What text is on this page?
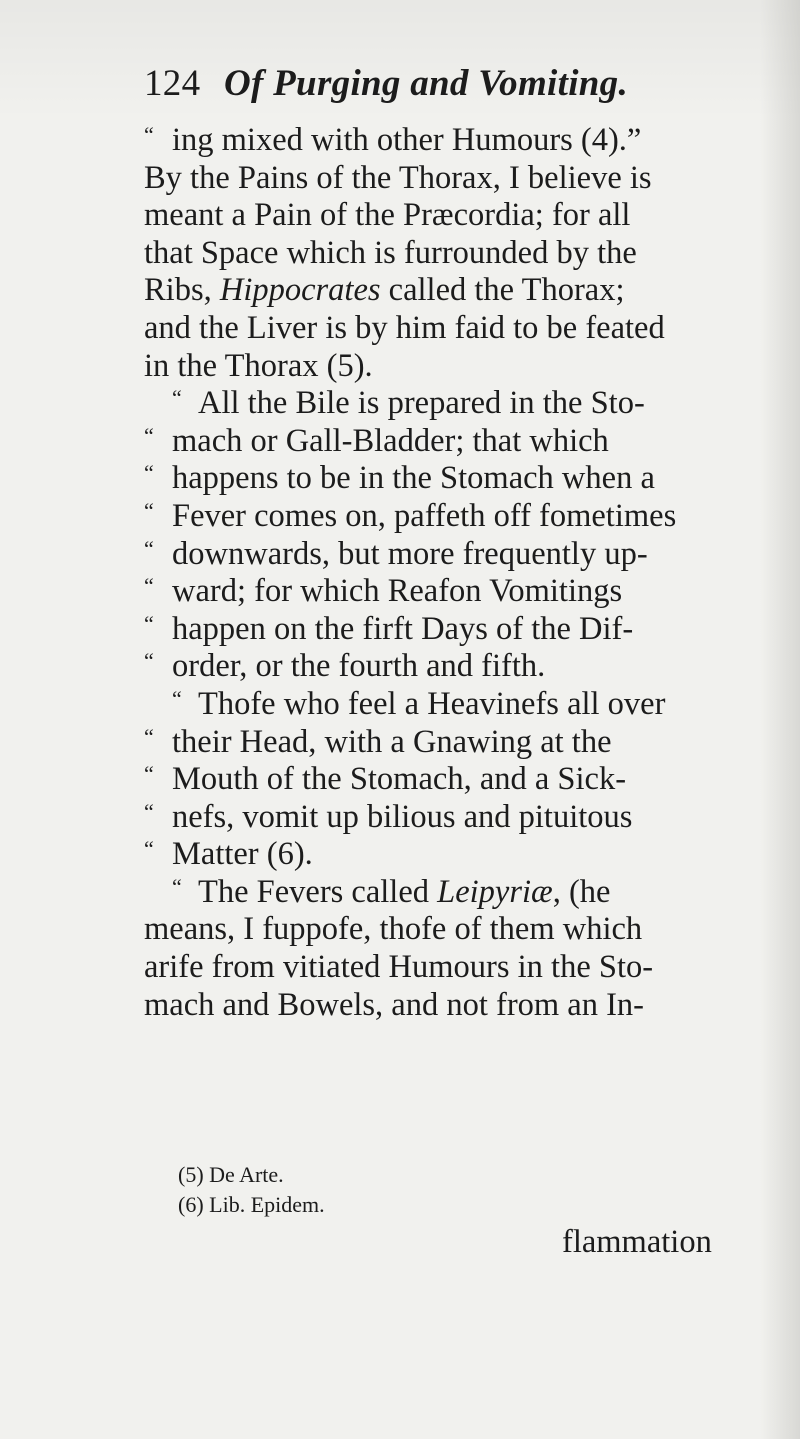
124 Of Purging and Vomiting.
“ ing mixed with other Humours (4).”
By the Pains of the Thorax, I believe is
meant a Pain of the Præcordia; for all
that Space which is furrounded by the
Ribs, Hippocrates called the Thorax;
and the Liver is by him faid to be feated
in the Thorax (5).
“ All the Bile is prepared in the Sto-
“ mach or Gall-Bladder; that which
“ happens to be in the Stomach when a
“ Fever comes on, paffeth off fometimes
“ downwards, but more frequently up-
“ ward; for which Reafon Vomitings
“ happen on the firft Days of the Dif-
“ order, or the fourth and fifth.
“ Thofe who feel a Heavinefs all over
“ their Head, with a Gnawing at the
“ Mouth of the Stomach, and a Sick-
“ nefs, vomit up bilious and pituitous
“ Matter (6).
“ The Fevers called Leipyriæ, (he
means, I fuppofe, thofe of them which
arife from vitiated Humours in the Sto-
mach and Bowels, and not from an In-
(5) De Arte.
(6) Lib. Epidem.
flammation
